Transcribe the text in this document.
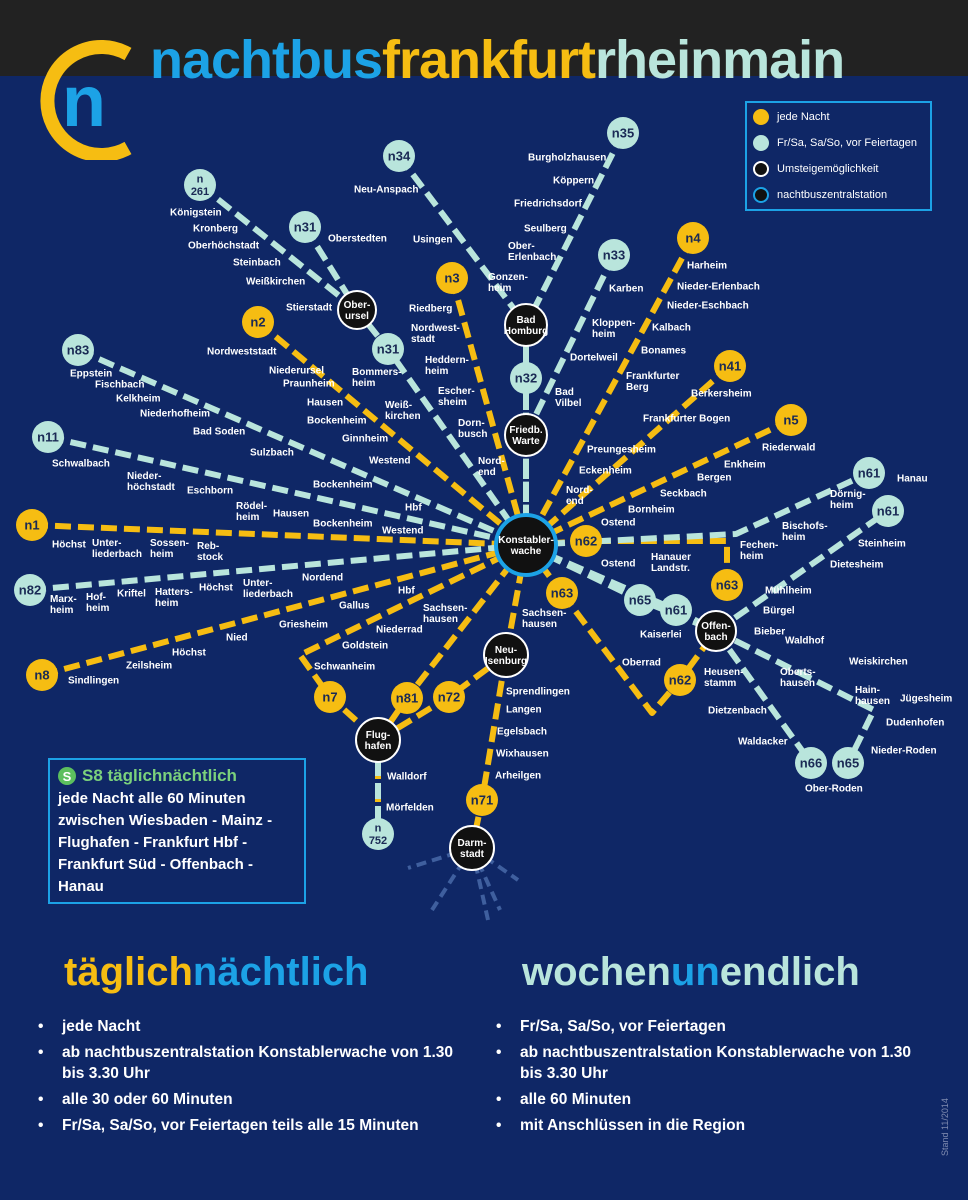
n
nachtbusfrankfurtrheinmain
Konstabler-wache
Ober-ursel	Bad Homburg
Friedb. Warte
Neu-Isenburg
Flug-hafen
Offen-bach
Darm-stadt
n1
n2
n3
n4
n5
n7
n8
n41
n62
n62
n63
n63
n71
n72
n81
n11
n31
n31
n32
n33
n34
n35
n61
n61
n61
n65
n65
n66
n82
n83
n 261
n 752
Königstein
Kronberg
Oberhöchstadt
Steinbach
Weißkirchen
Oberstedten
Stierstadt
Neu-Anspach
Usingen
Burgholzhausen
Köppern
Friedrichsdorf
Seulberg
Ober-Erlenbach
Gonzen-heim	Karben
Kloppen-heim
Dortelweil
Bad Vilbel
Harheim
Nieder-Erlenbach
Nieder-Eschbach
Kalbach
Bonames
Frankfurter Berg
Berkersheim
Frankfurter Bogen
Riederwald
Preungesheim
Eckenheim
Nord-end
Enkheim
Bergen
Seckbach
Bornheim
Ostend
Riedberg
Nordwest-stadt
Heddern-heim
Escher-sheim
Dorn-busch
Nord-end
Bommers-heim
Weiß-kirchen
Nordweststadt
Niederursel
Praunheim
Hausen
Bockenheim
Ginnheim
Westend
Eppstein
Fischbach
Kelkheim
Niederhofheim
Bad Soden
Sulzbach
Schwalbach
Nieder-höchstadt Eschborn
Rödel-heim	Hausen
Bockenheim
Bockenheim
Hbf
Westend
Höchst Unter-liederbach
Sossen-heim
Reb-stock
Marx-heim
Hof-heim
Kriftel Hatters-heim
Höchst Unter-liederbach
Nordend
Gallus
Hbf
Griesheim
Nied
Höchst
Zeilsheim
Sindlingen
Sachsen-hausen
Niederrad
Goldstein
Schwanheim
Sachsen-hausen
Sprendlingen
Langen
Egelsbach
Wixhausen
Arheilgen
Walldorf
Mörfelden
Ostend
Hanauer Landstr.
Fechen-heim
Bischofs-heim
Dörnig-heim
Hanau
Steinheim
Dietesheim
Mühlheim
Bürgel
Bieber
Waldhof
Kaiserlei
Oberrad
Heusen-stamm
Dietzenbach
Waldacker
Ober-Roden
Oberts-hausen
Weiskirchen
Hain-hausen Jügesheim
Dudenhofen
Nieder-Roden
jede Nacht
Fr/Sa, Sa/So, vor Feiertagen
Umsteigemöglichkeit
nachtbuszentralstation
S S8 täglichnächtlich
jede Nacht alle 60 Minuten
zwischen Wiesbaden - Mainz -
Flughafen - Frankfurt Hbf -
Frankfurt Süd - Offenbach -
Hanau
täglichnächtlich
• jede Nacht
• ab nachtbuszentralstation Konstablerwache von 1.30 bis 3.30 Uhr
• alle 30 oder 60 Minuten
• Fr/Sa, Sa/So, vor Feiertagen teils alle 15 Minuten
wochenunendlich
• Fr/Sa, Sa/So, vor Feiertagen
• ab nachtbuszentralstation Konstablerwache von 1.30 bis 3.30 Uhr
• alle 60 Minuten
• mit Anschlüssen in die Region	Stand 11/2014
